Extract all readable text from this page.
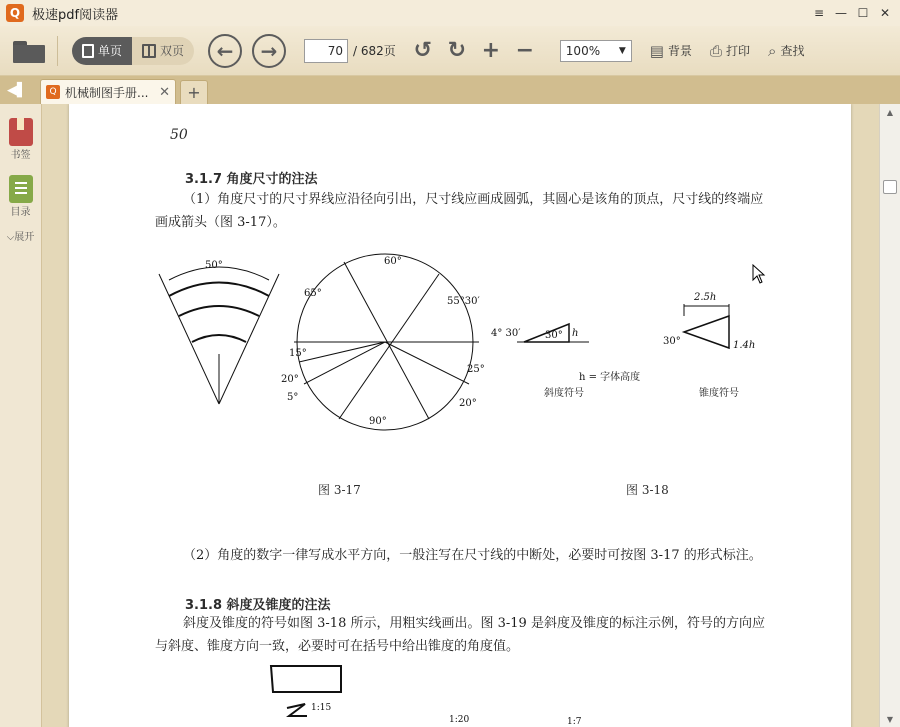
Q 极速pdf阅读器	≡ — ☐ ✕
单页	双页 ← →	70 / 682页 ↺ ↻ + −	100% ▼ ▤ 背景 ⎙ 打印 ⌕ 查找
◀▌	Q 机械制图手册... ✕ +
书签
目录
⌵展开
50
3.1.7 角度尺寸的注法
（1）角度尺寸的尺寸界线应沿径向引出，尺寸线应画成圆弧，其圆心是该角的顶点，尺寸线的终端应画成箭头（图 3-17）。
50°	60°
65°
55°30′
4° 30′
15°
20°
5°
25°
20°
90°
30° h
h = 字体高度
斜度符号
2.5h
30°	1.4h
锥度符号
图 3-17	图 3-18
（2）角度的数字一律写成水平方向，一般注写在尺寸线的中断处，必要时可按图 3-17 的形式标注。
3.1.8 斜度及锥度的注法
斜度及锥度的符号如图 3-18 所示，用粗实线画出。图 3-19 是斜度及锥度的标注示例，符号的方向应与斜度、锥度方向一致，必要时可在括号中给出锥度的角度值。
1:15
1:20	1:7
▲
▼
